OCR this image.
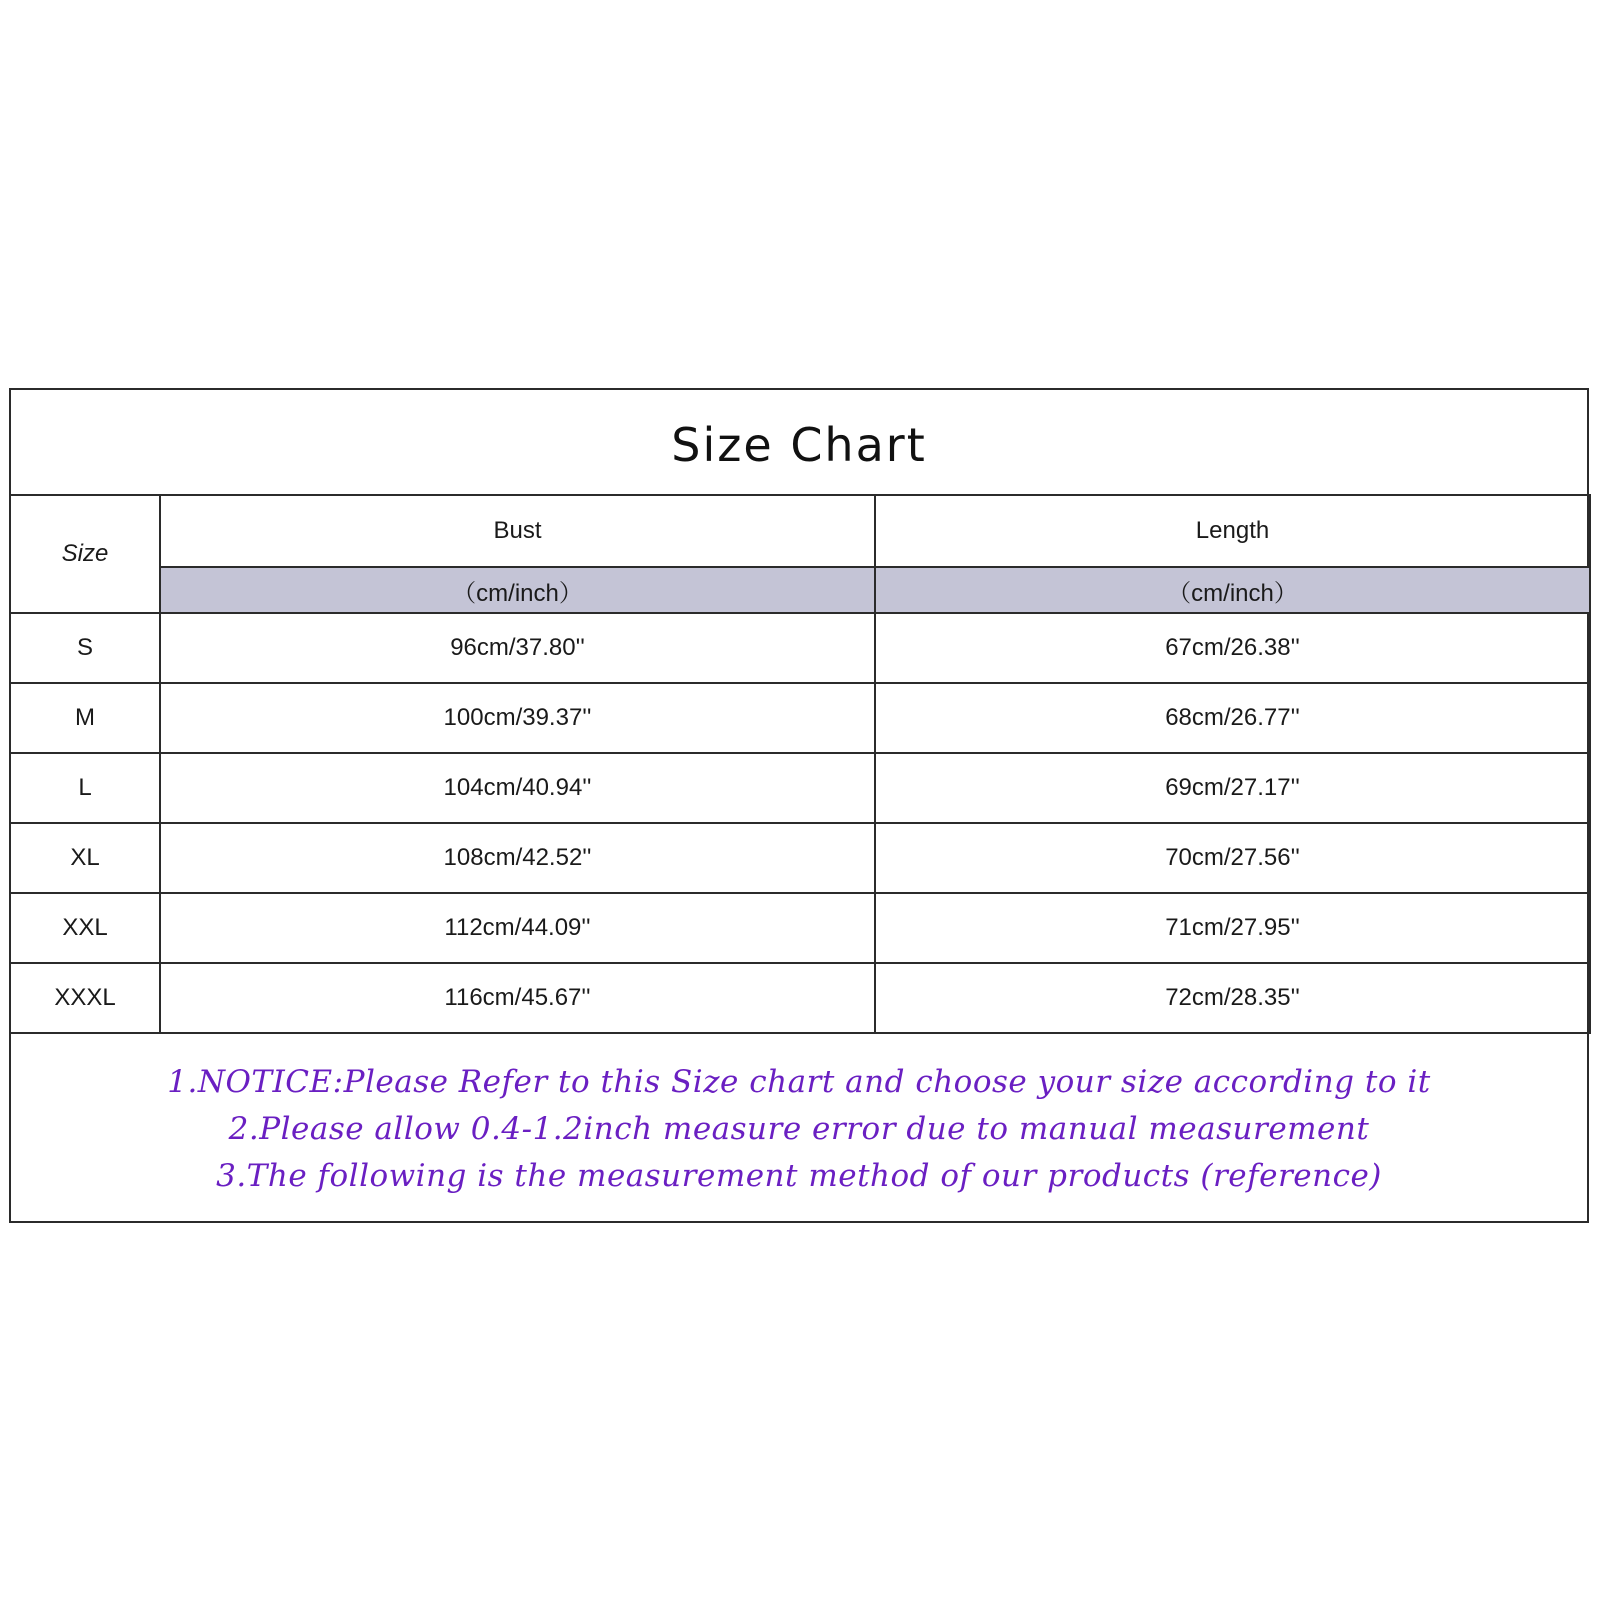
Size Chart
Size	Bust	Length
	（cm/inch）	（cm/inch）
S	96cm/37.80''	67cm/26.38''
M	100cm/39.37''	68cm/26.77''
L	104cm/40.94''	69cm/27.17''
XL	108cm/42.52''	70cm/27.56''
XXL	112cm/44.09''	71cm/27.95''
XXXL	116cm/45.67''	72cm/28.35''
1.NOTICE:Please Refer to this Size chart and choose your size according to it
2.Please allow 0.4-1.2inch measure error due to manual measurement
3.The following is the measurement method of our products (reference)
